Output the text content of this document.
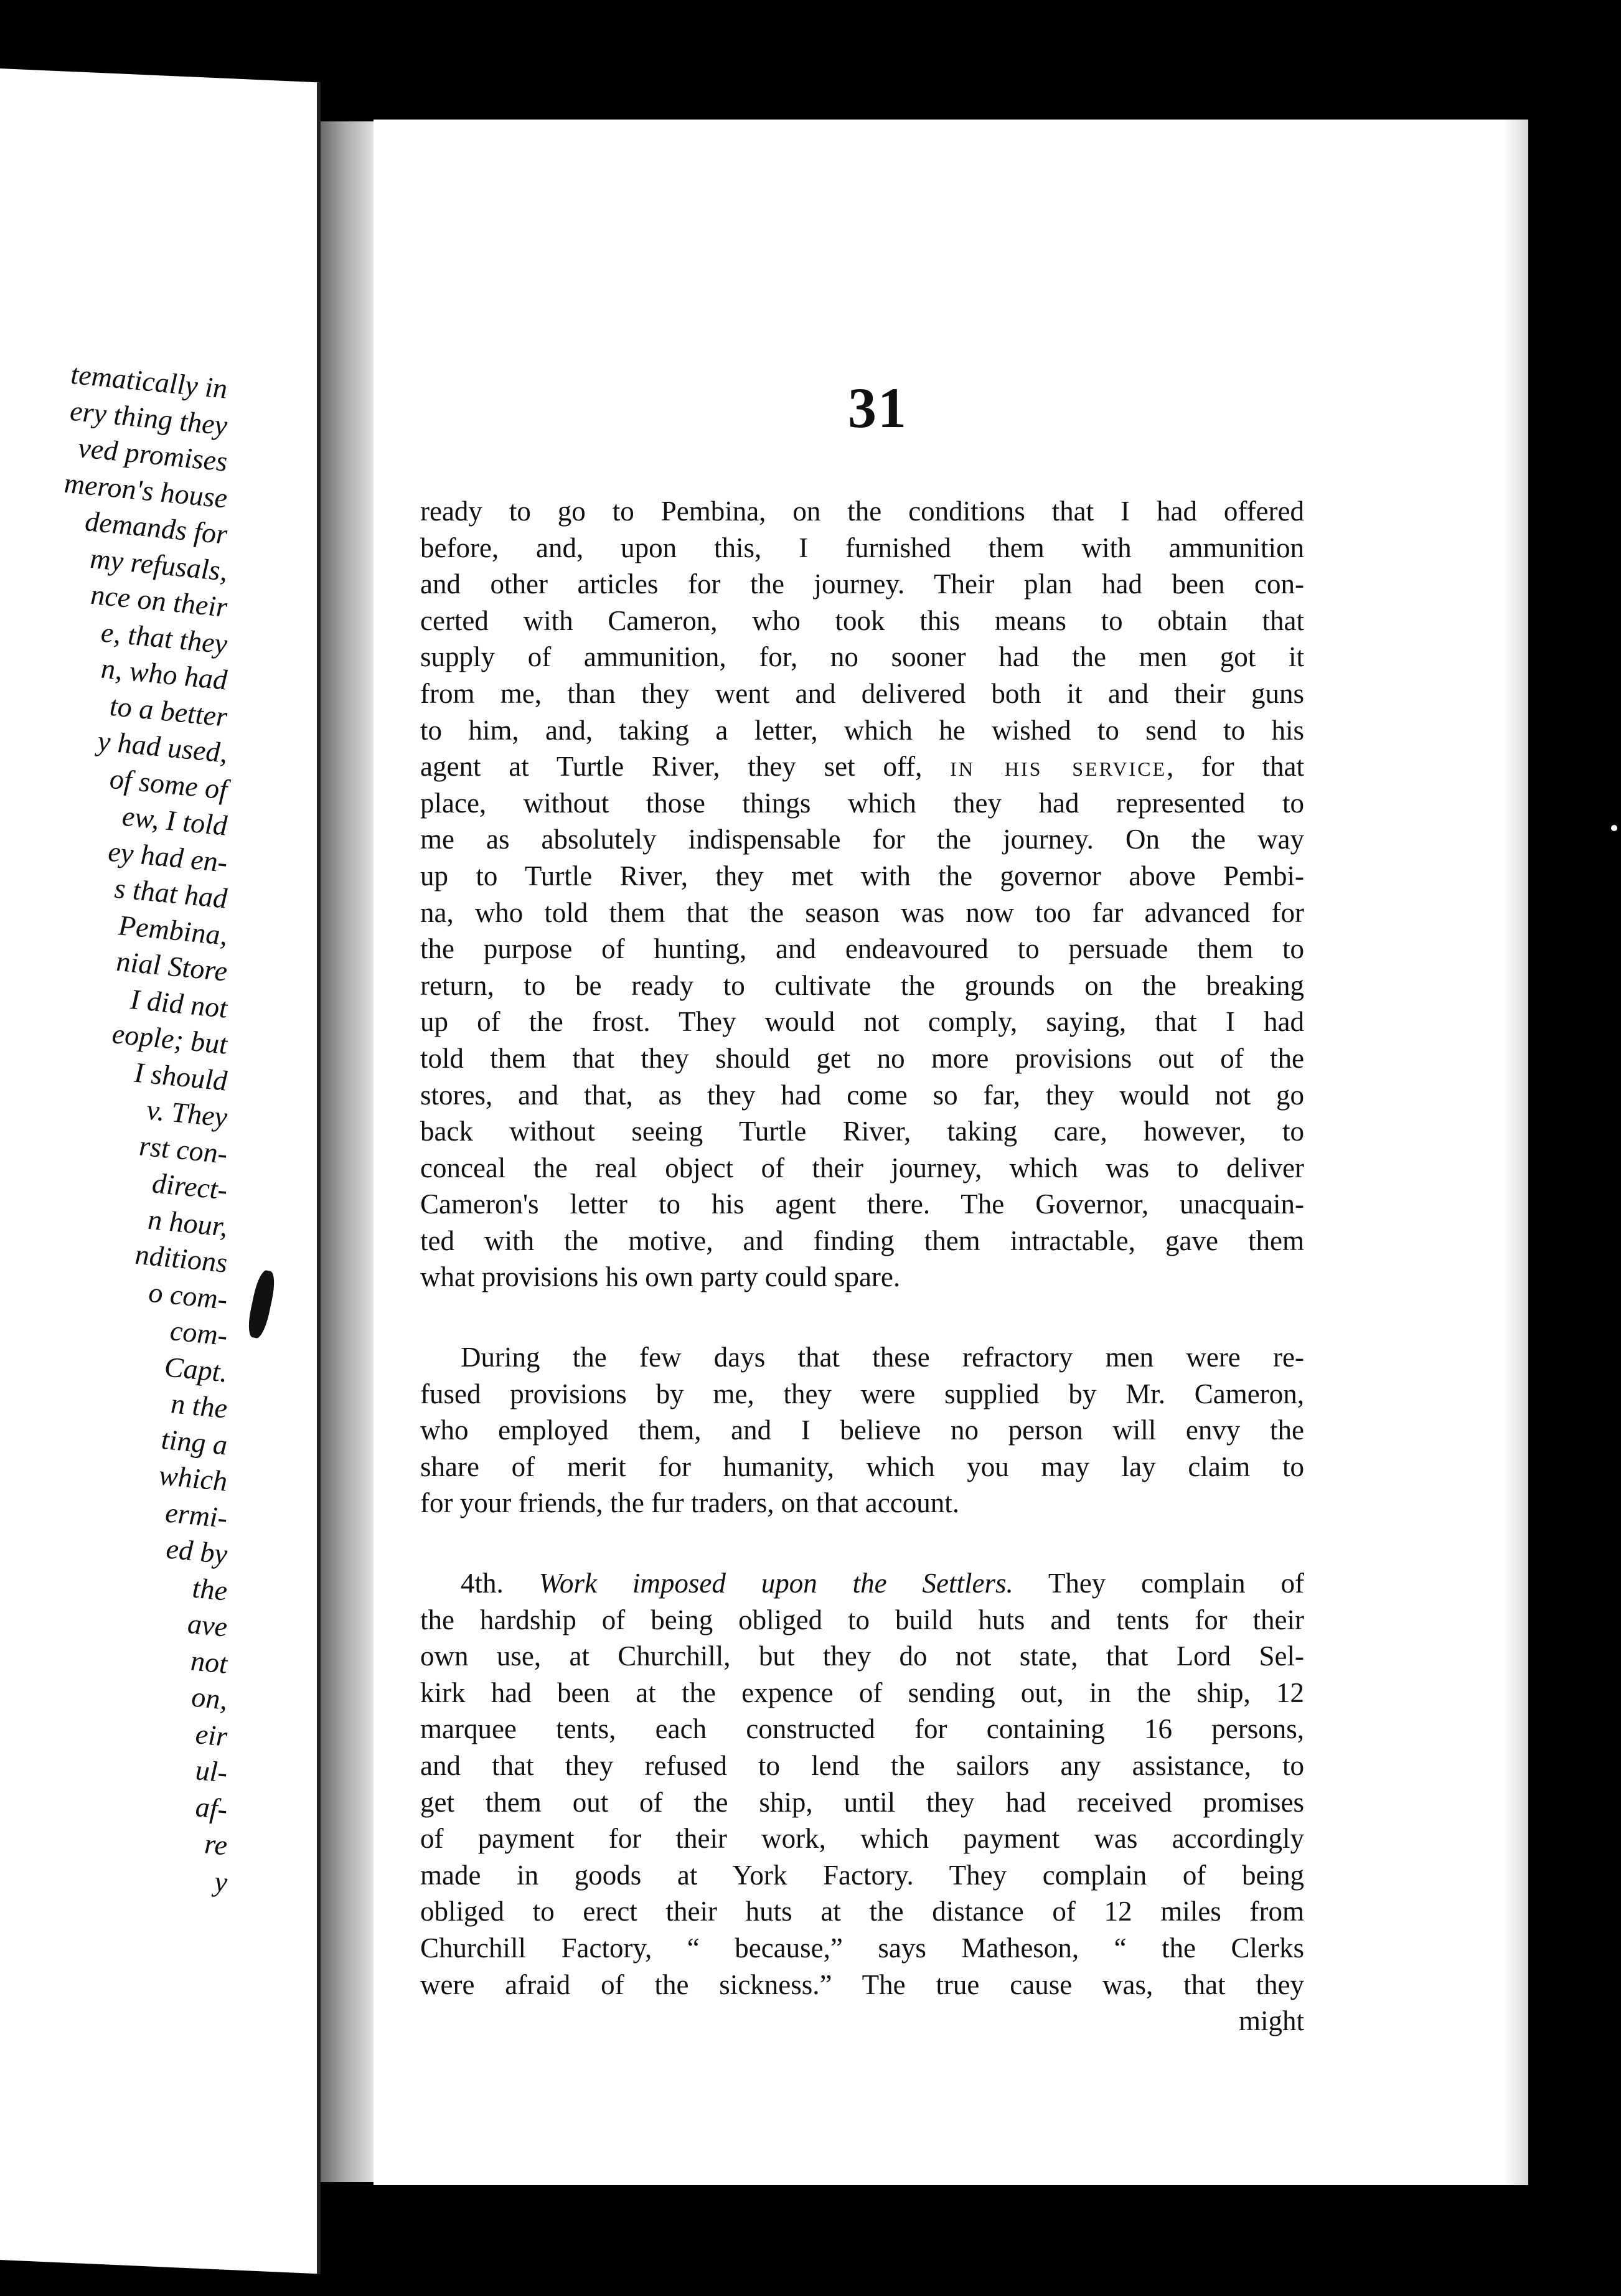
tematically in
ery thing they
ved promises
meron's house
demands for
my refusals,
nce on their
e, that they
n, who had
to a better
y had used,
of some of
ew, I told
ey had en-
s that had
Pembina,
nial Store
I did not
eople; but
I should
v. They
rst con-
direct-
n hour,
nditions
o com-
com-
Capt.
n the
ting a
which
ermi-
ed by
the
ave
not
on,
eir
ul-
af-
re
y
31
ready to go to Pembina, on the conditions that I had offered
before, and, upon this, I furnished them with ammunition
and other articles for the journey. Their plan had been con-
certed with Cameron, who took this means to obtain that
supply of ammunition, for, no sooner had the men got it
from me, than they went and delivered both it and their guns
to him, and, taking a letter, which he wished to send to his
agent at Turtle River, they set off, in his service, for that
place, without those things which they had represented to
me as absolutely indispensable for the journey. On the way
up to Turtle River, they met with the governor above Pembi-
na, who told them that the season was now too far advanced for
the purpose of hunting, and endeavoured to persuade them to
return, to be ready to cultivate the grounds on the breaking
up of the frost. They would not comply, saying, that I had
told them that they should get no more provisions out of the
stores, and that, as they had come so far, they would not go
back without seeing Turtle River, taking care, however, to
conceal the real object of their journey, which was to deliver
Cameron's letter to his agent there. The Governor, unacquain-
ted with the motive, and finding them intractable, gave them
what provisions his own party could spare.
During the few days that these refractory men were re-
fused provisions by me, they were supplied by Mr. Cameron,
who employed them, and I believe no person will envy the
share of merit for humanity, which you may lay claim to
for your friends, the fur traders, on that account.
4th. Work imposed upon the Settlers. They complain of
the hardship of being obliged to build huts and tents for their
own use, at Churchill, but they do not state, that Lord Sel-
kirk had been at the expence of sending out, in the ship, 12
marquee tents, each constructed for containing 16 persons,
and that they refused to lend the sailors any assistance, to
get them out of the ship, until they had received promises
of payment for their work, which payment was accordingly
made in goods at York Factory. They complain of being
obliged to erect their huts at the distance of 12 miles from
Churchill Factory, “ because,” says Matheson, “ the Clerks
were afraid of the sickness.” The true cause was, that they
might
